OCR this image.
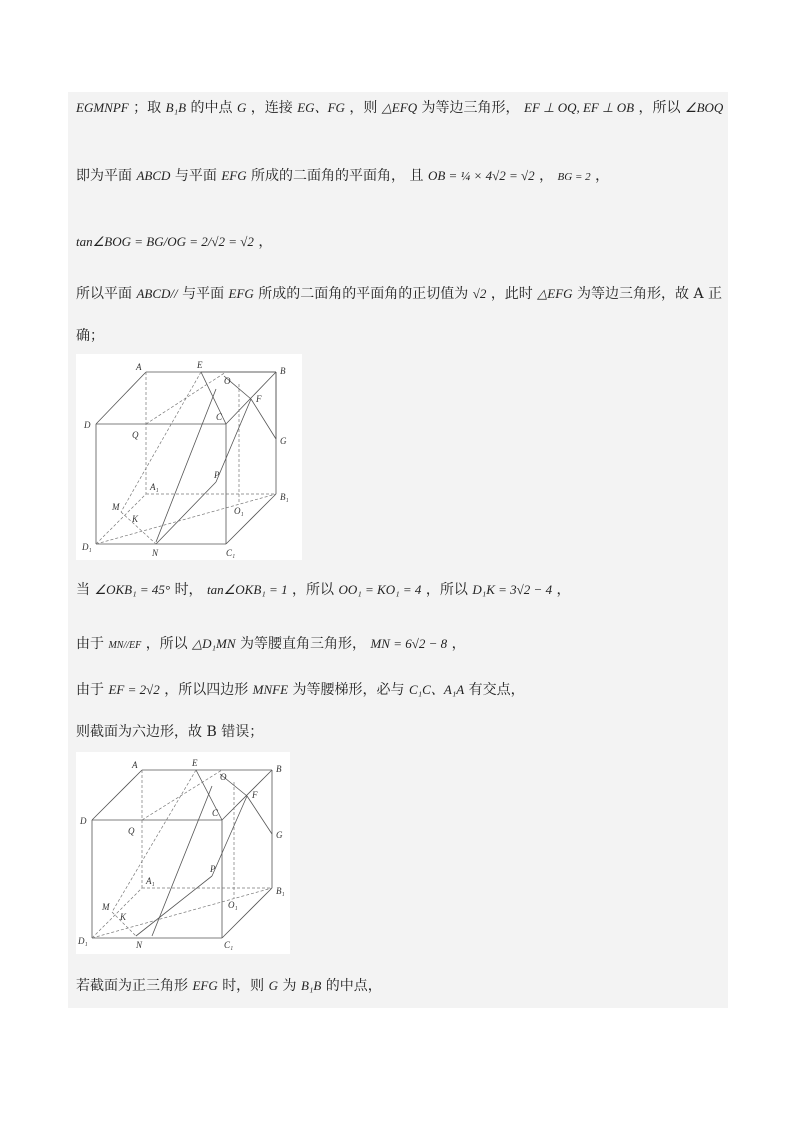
EGMNPF ；取 B₁B 的中点 G ，连接 EG、FG ，则 △EFQ 为等边三角形， EF ⊥ OQ, EF ⊥ OB ，所以 ∠BOQ
即为平面 ABCD 与平面 EFG 所成的二面角的平面角， 且 OB = ¼ × 4√2 = √2 ， BG = 2 ，
tan∠BOG = BG/OG = 2/√2 = √2 ，
所以平面 ABCD// 与平面 EFG 所成的二面角的平面角的正切值为 √2 ，此时 △EFG 为等边三角形，故 A 正
确；
A	E
O
B
F
C
D
Q
G
P
A₁
B₁
M	O₁
K
D₁
N	C₁
当 ∠OKB₁ = 45° 时， tan∠OKB₁ = 1 ，所以 OO₁ = KO₁ = 4 ，所以 D₁K = 3√2 − 4 ，
由于 MN//EF ，所以 △D₁MN 为等腰直角三角形， MN = 6√2 − 8 ，
由于 EF = 2√2 ，所以四边形 MNFE 为等腰梯形，必与 C₁C、A₁A 有交点，
则截面为六边形，故 B 错误；
A	E
O
B
F
C
D
Q	G
P
A₁
B₁
M	O₁
K
D₁	N	C₁
若截面为正三角形 EFG 时，则 G 为 B₁B 的中点，
